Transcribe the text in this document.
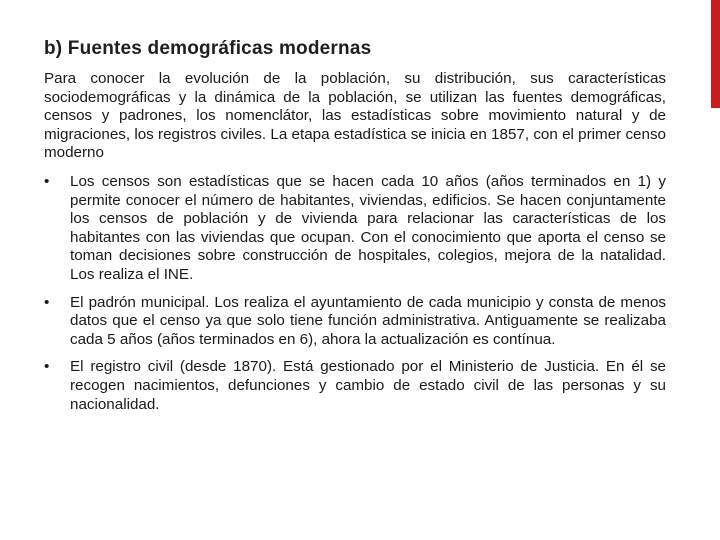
b) Fuentes demográficas modernas

Para conocer la evolución de la población, su distribución, sus características sociodemográficas y la dinámica de la población, se utilizan las fuentes demográficas, censos y padrones, los nomenclátor, las estadísticas sobre movimiento natural y de migraciones, los registros civiles. La etapa estadística se inicia en 1857, con el primer censo moderno

•	Los censos son estadísticas que se hacen cada 10 años (años terminados en 1) y permite conocer el número de habitantes, viviendas, edificios. Se hacen conjuntamente los censos de población y de vivienda para relacionar las características de los habitantes con las viviendas que ocupan. Con el conocimiento que aporta el censo se toman decisiones sobre construcción de hospitales, colegios, mejora de la natalidad. Los realiza el INE.
•	El padrón municipal. Los realiza el ayuntamiento de cada municipio y consta de menos datos que el censo ya que solo tiene función administrativa. Antiguamente se realizaba cada 5 años (años terminados en 6), ahora la actualización es contínua.
•	El registro civil (desde 1870). Está gestionado por el Ministerio de Justicia. En él se recogen nacimientos, defunciones y cambio de estado civil de las personas y su nacionalidad.
